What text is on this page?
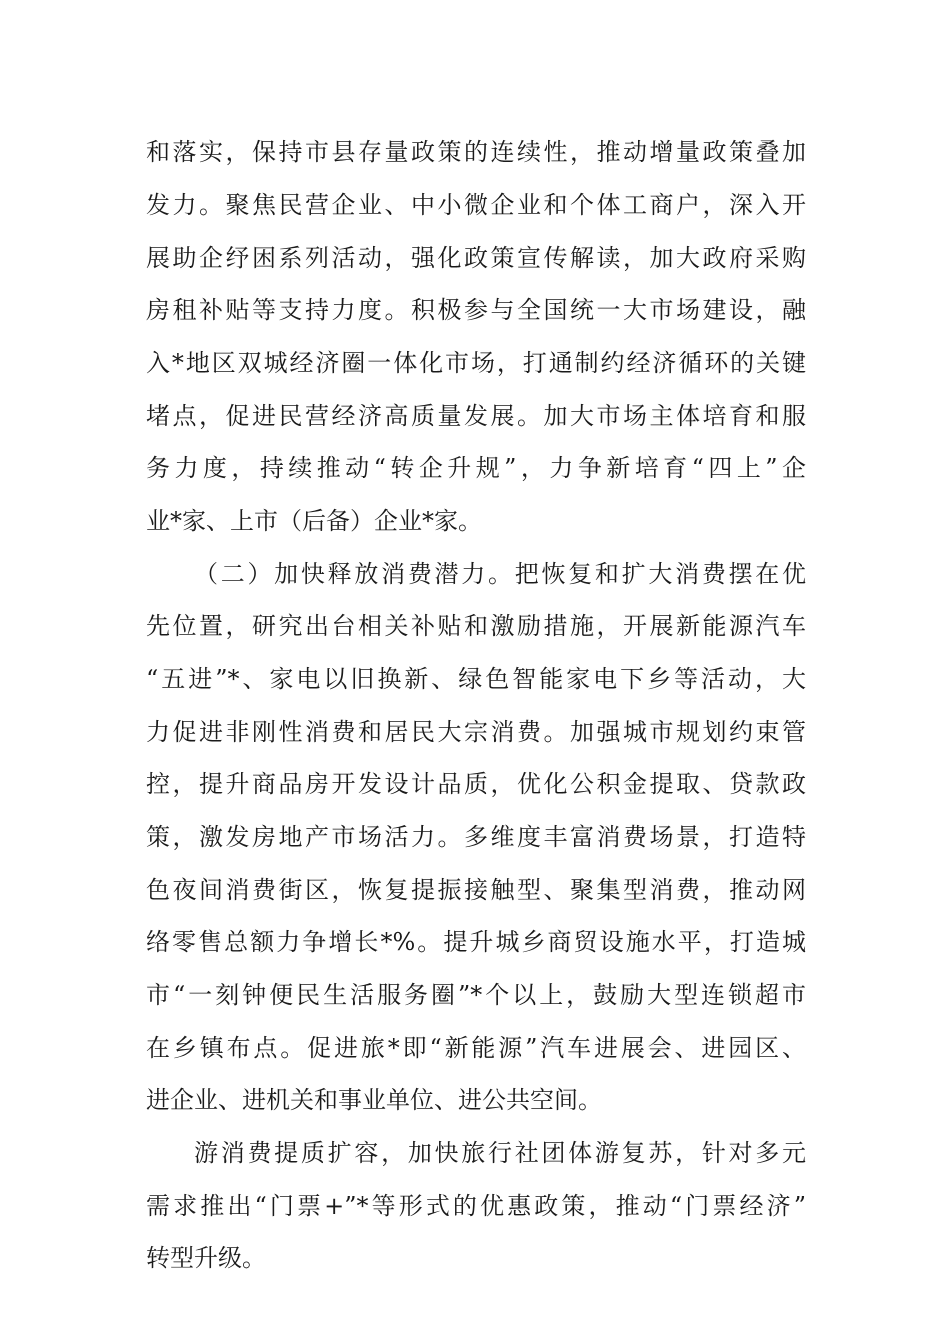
和落实，保持市县存量政策的连续性，推动增量政策叠加
发力。聚焦民营企业、中小微企业和个体工商户，深入开
展助企纾困系列活动，强化政策宣传解读，加大政府采购
房租补贴等支持力度。积极参与全国统一大市场建设，融
入*地区双城经济圈一体化市场，打通制约经济循环的关键
堵点，促进民营经济高质量发展。加大市场主体培育和服
务力度，持续推动“转企升规”，力争新培育“四上”企
业*家、上市（后备）企业*家。
（二）加快释放消费潜力。把恢复和扩大消费摆在优
先位置，研究出台相关补贴和激励措施，开展新能源汽车
“五进”*、家电以旧换新、绿色智能家电下乡等活动，大
力促进非刚性消费和居民大宗消费。加强城市规划约束管
控，提升商品房开发设计品质，优化公积金提取、贷款政
策，激发房地产市场活力。多维度丰富消费场景，打造特
色夜间消费街区，恢复提振接触型、聚集型消费，推动网
络零售总额力争增长*%。提升城乡商贸设施水平，打造城
市“一刻钟便民生活服务圈”*个以上，鼓励大型连锁超市
在乡镇布点。促进旅*即“新能源”汽车进展会、进园区、
进企业、进机关和事业单位、进公共空间。
游消费提质扩容，加快旅行社团体游复苏，针对多元
需求推出“门票+”*等形式的优惠政策，推动“门票经济”
转型升级。
